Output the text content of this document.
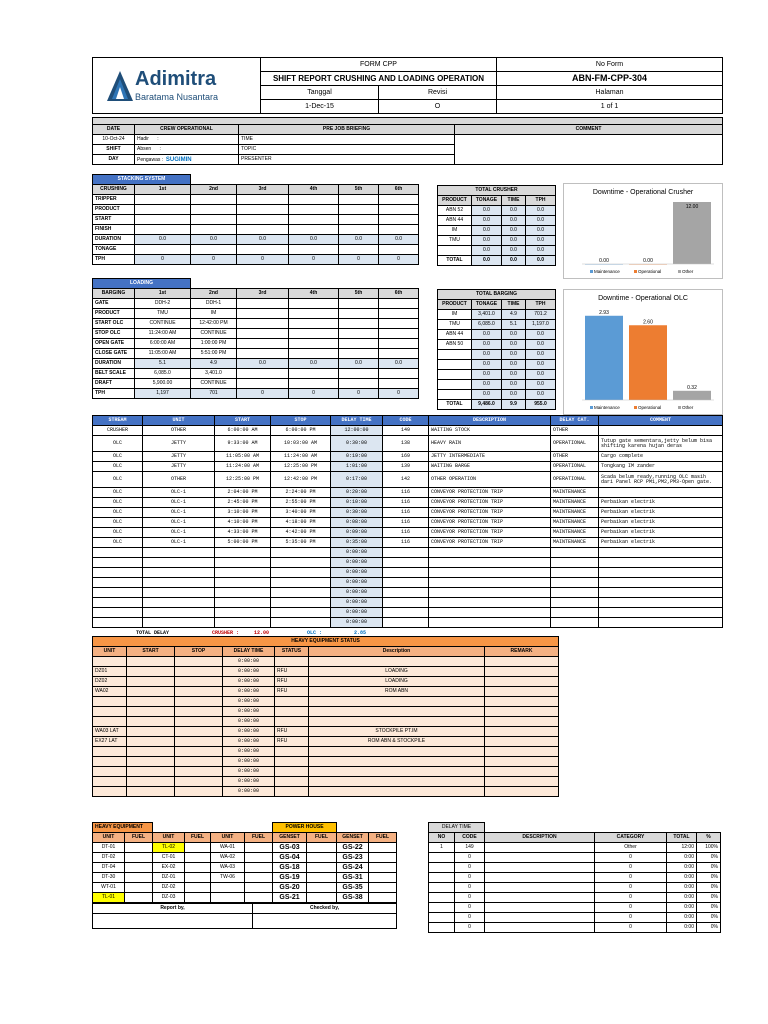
Adimitra
Baratama Nusantara	FORM CPP		No Form
	SHIFT REPORT CRUSHING AND LOADING OPERATION		ABN-FM-CPP-304
	Tanggal	Revisi	Halaman
	1-Dec-15	O	1 of 1

DATE	CREW OPERATIONAL	PRE JOB BRIEFING	COMMENT
10-Oct-24	Hadir :	TIME	
SHIFT	Absen :	TOPIC	
DAY	Pengawas : SUGIMIN	PRESENTER	
STACKING SYSTEM						
CRUSHING	1st	2nd	3rd	4th	5th	6th
TRIPPER						
PRODUCT						
START						
FINISH						
DURATION	0.0	0.0	0.0	0.0	0.0	0.0
TONAGE						
TPH	0	0	0	0	0	0
TOTAL CRUSHER			
PRODUCT	TONAGE	TIME	TPH
ABN 52	0.0	0.0	0.0
ABN 44	0.0	0.0	0.0
IM	0.0	0.0	0.0
TMU	0.0	0.0	0.0
	0.0	0.0	0.0
TOTAL	0.0	0.0	0.0
LOADING						
BARGING	1st	2nd	3rd	4th	5th	6th
GATE	DDH-2	DDH-1				
PRODUCT	TMU	IM				
START OLC	CONTINUE	12:42:00 PM				
STOP OLC	11:24:00 AM	CONTINUE				
OPEN GATE	6:00:00 AM	1:00:00 PM				
CLOSE GATE	11:05:00 AM	5:51:00 PM				
DURATION	5.1	4.9	0.0	0.0	0.0	0.0
BELT SCALE	6,085.0	3,401.0				
DRAFT	5,900.00	CONTINUE				
TPH	1,197	701	0	0	0	0
TOTAL BARGING			
PRODUCT	TONAGE	TIME	TPH
IM	3,401.0	4.9	701.2
TMU	6,085.0	5.1	1,197.0
ABN 44	0.0	0.0	0.0
ABN 50	0.0	0.0	0.0
	0.0	0.0	0.0
	0.0	0.0	0.0
	0.0	0.0	0.0
	0.0	0.0	0.0
	0.0	0.0	0.0
TOTAL	9,486.0	9.9	955.0
Downtime - Operational Crusher
0.00	0.00
12.00
Maintenance	Operational	Other
Downtime - Operational OLC
2.93
2.60
0.32
Maintenance	Operational	Other
STREAM	UNIT	START	STOP	DELAY TIME	CODE	DESCRIPTION	DELAY CAT.	COMMENT
CRUSHER	OTHER	6:00:00 AM	6:00:00 PM	12:00:00	149	WAITING STOCK	OTHER	
OLC	JETTY	9:33:00 AM	10:03:00 AM	0:30:00	138	HEAVY RAIN	OPERATIONAL	Tutup gate sementara,jetty belum bisa shifting karena hujan deras
OLC	JETTY	11:05:00 AM	11:24:00 AM	0:19:00	169	JETTY INTERMEDIATE	OTHER	Cargo complete
OLC	JETTY	11:24:00 AM	12:25:00 PM	1:01:00	139	WAITING BARGE	OPERATIONAL	Tongkang IM zander
OLC	OTHER	12:25:00 PM	12:42:00 PM	0:17:00	142	OTHER OPERATION	OPERATIONAL	Scada belum ready,running OLC masih dari Panel RCP PM1,PM2,PM3-Open gate.
OLC	OLC-1	2:04:00 PM	2:24:00 PM	0:20:00	116	CONVEYOR PROTECTION TRIP	MAINTENANCE	
OLC	OLC-1	2:45:00 PM	2:55:00 PM	0:10:00	116	CONVEYOR PROTECTION TRIP	MAINTENANCE	Perbaikan electrik
OLC	OLC-1	3:10:00 PM	3:40:00 PM	0:30:00	116	CONVEYOR PROTECTION TRIP	MAINTENANCE	Perbaikan electrik
OLC	OLC-1	4:10:00 PM	4:18:00 PM	0:08:00	116	CONVEYOR PROTECTION TRIP	MAINTENANCE	Perbaikan electrik
OLC	OLC-1	4:33:00 PM	4:42:00 PM	0:09:00	116	CONVEYOR PROTECTION TRIP	MAINTENANCE	Perbaikan electrik
OLC	OLC-1	5:00:00 PM	5:35:00 PM	0:35:00	116	CONVEYOR PROTECTION TRIP	MAINTENANCE	Perbaikan electrik
				0:00:00				
				0:00:00				
				0:00:00				
				0:00:00				
				0:00:00				
				0:00:00				
				0:00:00				
				0:00:00				
TOTAL DELAY	CRUSHER :	12.00	OLC :	2.85
HEAVY EQUIPMENT STATUS						
UNIT	START	STOP	DELAY TIME	STATUS	Description	REMARK
			0:00:00			
DZ01			0:00:00	RFU	LOADING	
DZ02			0:00:00	RFU	LOADING	
WA02			0:00:00	RFU	ROM ABN	
			0:00:00			
			0:00:00			
			0:00:00			
WA03 LAT			0:00:00	RFU	STOCKPILE PT.IM	
EX27 LAT			0:00:00	RFU	ROM ABN & STOCKPILE	
			0:00:00			
			0:00:00			
			0:00:00			
			0:00:00			
			0:00:00			
HEAVY EQUIPMENT						POWER HOUSE			
UNIT	FUEL	UNIT	FUEL	UNIT	FUEL	GENSET	FUEL	GENSET	FUEL
DT-01		TL-02		WA-01		GS-03		GS-22	
DT-02		CT-01		WA-02		GS-04		GS-23	
DT-04		EX-02		WA-03		GS-18		GS-24	
DT-30		DZ-01		TW-06		GS-19		GS-31	
WT-01		DZ-02				GS-20		GS-35	
TL-01		DZ-03				GS-21		GS-38	
Report by,	Checked by,

DELAY TIME					
NO	CODE	DESCRIPTION	CATEGORY	TOTAL	%
1	149		Other	12:00	100%
	0		0	0:00	0%
	0		0	0:00	0%
	0		0	0:00	0%
	0		0	0:00	0%
	0		0	0:00	0%
	0		0	0:00	0%
	0		0	0:00	0%
	0		0	0:00	0%
